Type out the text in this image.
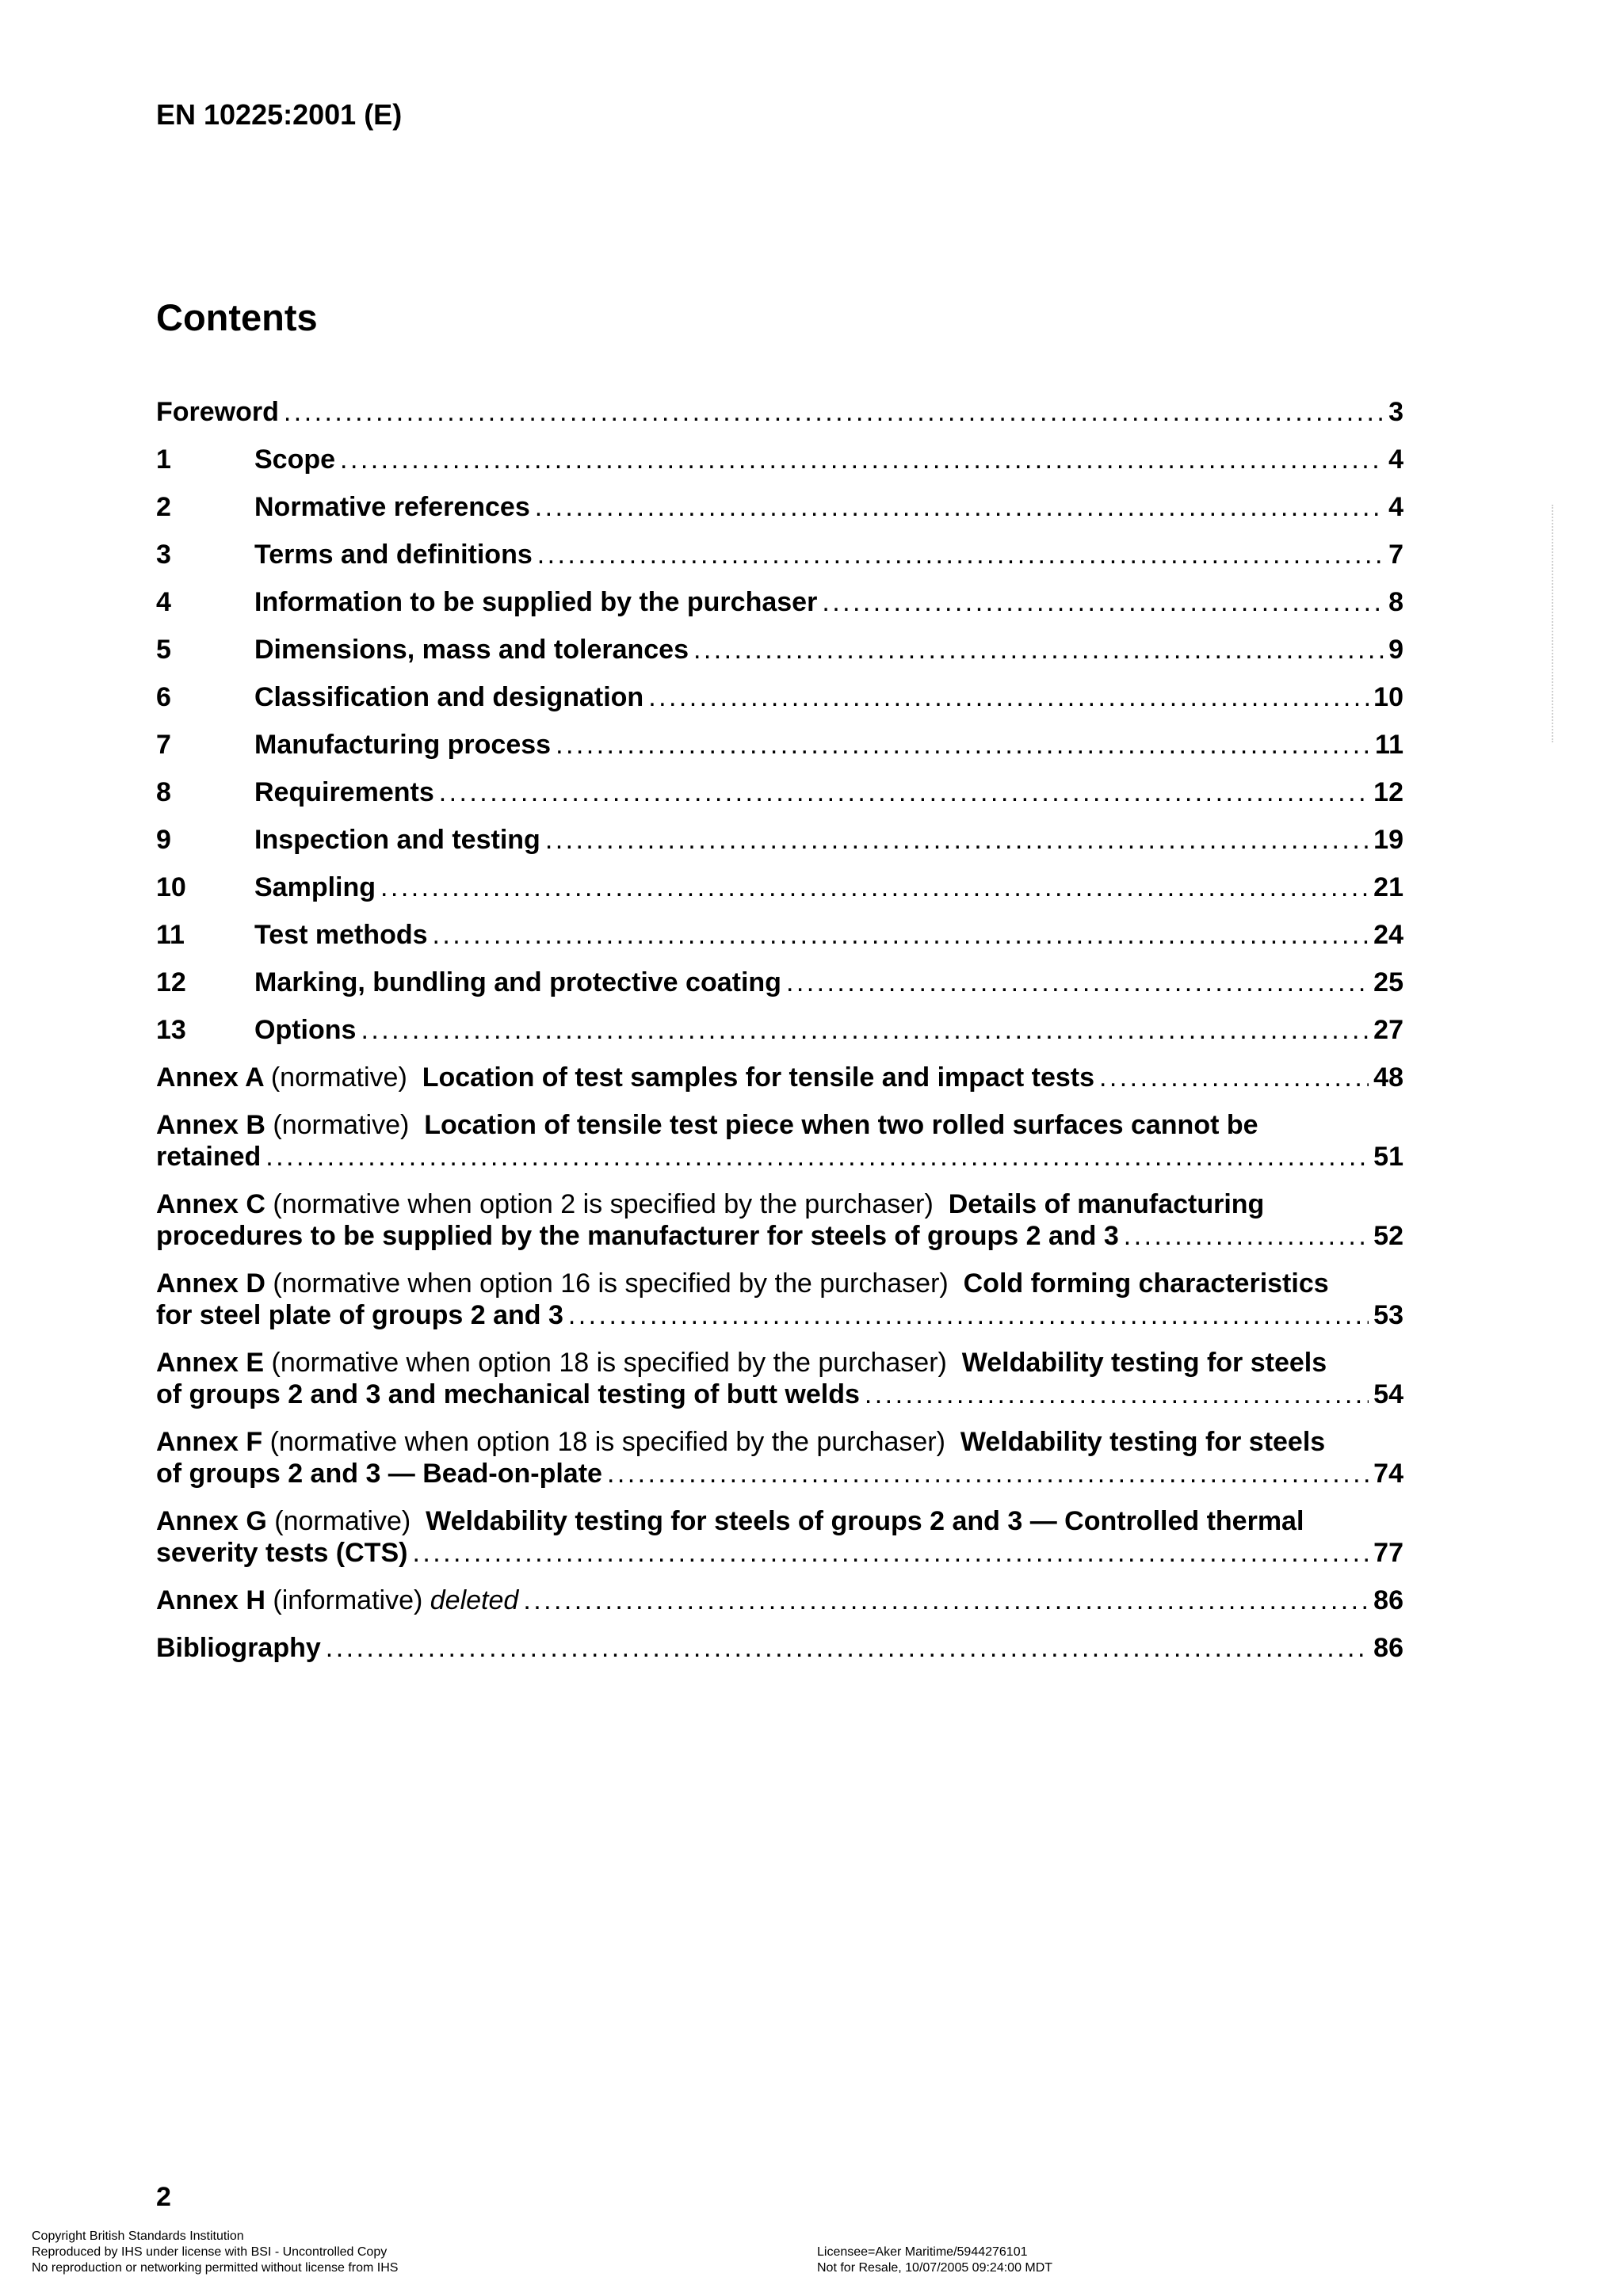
EN 10225:2001 (E)
Contents
Foreword . . .	3
1	Scope . . .	4
2	Normative references . . .	4
3	Terms and definitions . . .	7
4	Information to be supplied by the purchaser . . .	8
5	Dimensions, mass and tolerances . . .	9
6	Classification and designation . . .	10
7	Manufacturing process . . .	11
8	Requirements . . .	12
9	Inspection and testing . . .	19
10	Sampling . . .	21
11	Test methods . . .	24
12	Marking, bundling and protective coating . . .	25
13	Options . . .	27
Annex A (normative) Location of test samples for tensile and impact tests . . .	48
Annex B (normative) Location of tensile test piece when two rolled surfaces cannot be
retained . . .	51
Annex C (normative when option 2 is specified by the purchaser) Details of manufacturing
procedures to be supplied by the manufacturer for steels of groups 2 and 3 . . .	52
Annex D (normative when option 16 is specified by the purchaser) Cold forming characteristics
for steel plate of groups 2 and 3 . . .	53
Annex E (normative when option 18 is specified by the purchaser) Weldability testing for steels
of groups 2 and 3 and mechanical testing of butt welds . . .	54
Annex F (normative when option 18 is specified by the purchaser) Weldability testing for steels
of groups 2 and 3 — Bead-on-plate . . .	74
Annex G (normative) Weldability testing for steels of groups 2 and 3 — Controlled thermal
severity tests (CTS) . . .	77
Annex H (informative) deleted . . .	86
Bibliography . . .	86
2
Copyright British Standards Institution
Reproduced by IHS under license with BSI - Uncontrolled Copy
No reproduction or networking permitted without license from IHS
Licensee=Aker Maritime/5944276101
Not for Resale, 10/07/2005 09:24:00 MDT
